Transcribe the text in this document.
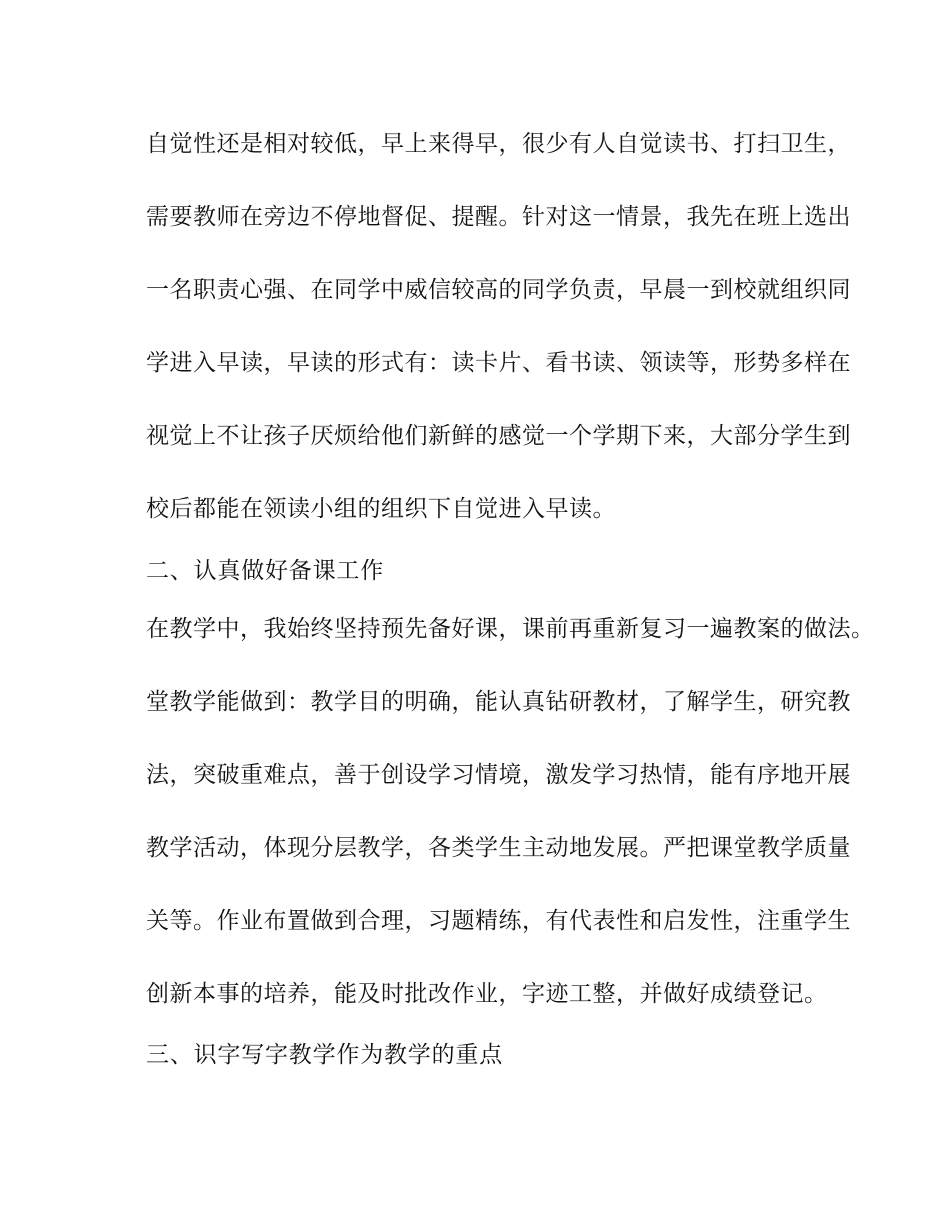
自觉性还是相对较低，早上来得早，很少有人自觉读书、打扫卫生，
需要教师在旁边不停地督促、提醒。针对这一情景，我先在班上选出
一名职责心强、在同学中威信较高的同学负责，早晨一到校就组织同
学进入早读，早读的形式有：读卡片、看书读、领读等，形势多样在
视觉上不让孩子厌烦给他们新鲜的感觉一个学期下来，大部分学生到
校后都能在领读小组的组织下自觉进入早读。
二、认真做好备课工作
在教学中，我始终坚持预先备好课，课前再重新复习一遍教案的做法。
堂教学能做到：教学目的明确，能认真钻研教材，了解学生，研究教
法，突破重难点，善于创设学习情境，激发学习热情，能有序地开展
教学活动，体现分层教学，各类学生主动地发展。严把课堂教学质量
关等。作业布置做到合理，习题精练，有代表性和启发性，注重学生
创新本事的培养，能及时批改作业，字迹工整，并做好成绩登记。
三、识字写字教学作为教学的重点
